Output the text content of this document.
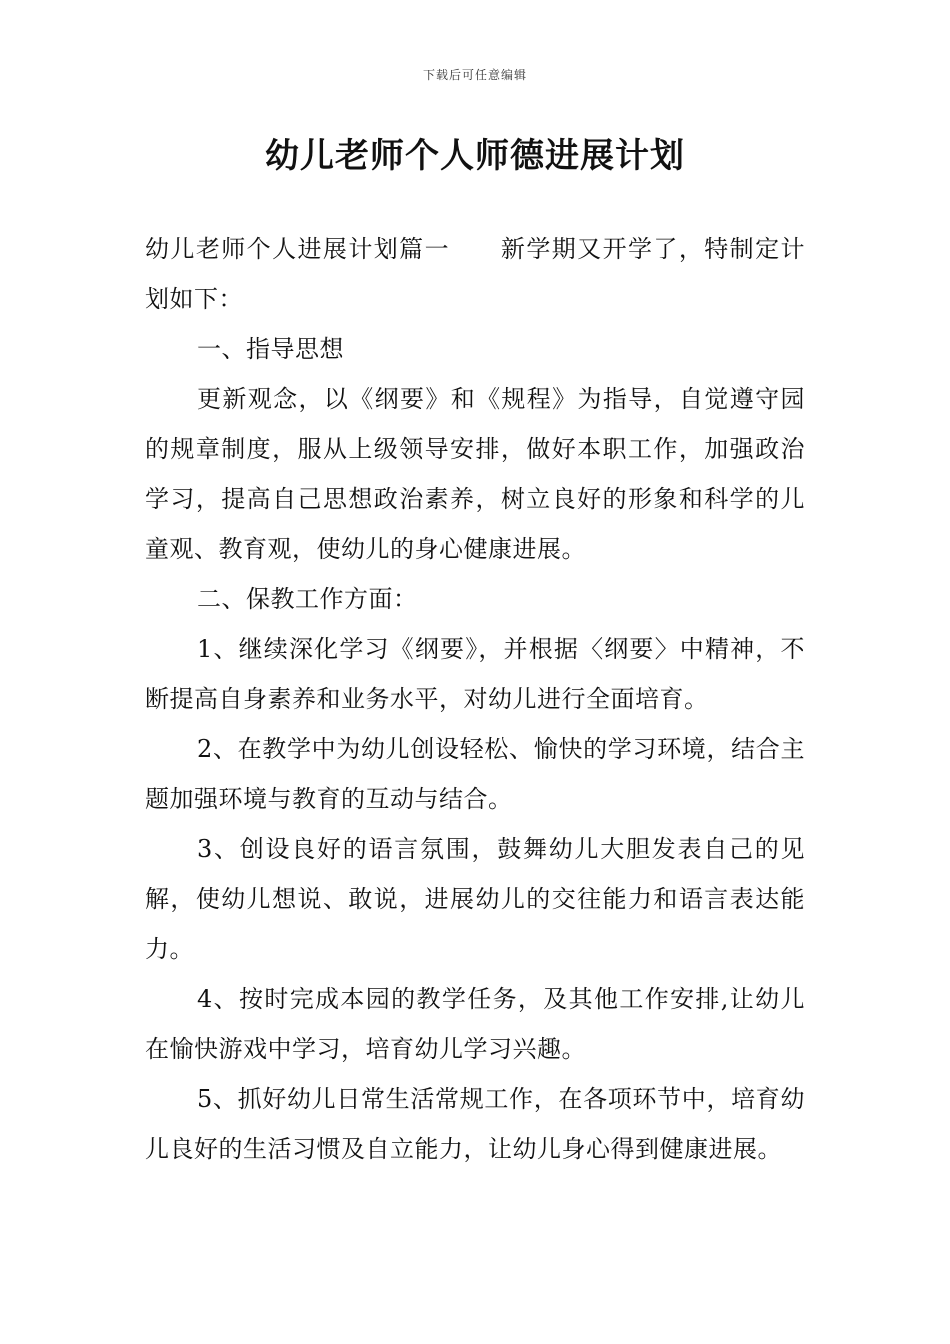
下载后可任意编辑
幼儿老师个人师德进展计划

幼儿老师个人进展计划篇一 新学期又开学了，特制定计划如下：

一、指导思想

更新观念，以《纲要》和《规程》为指导，自觉遵守园的规章制度，服从上级领导安排，做好本职工作，加强政治学习，提高自己思想政治素养，树立良好的形象和科学的儿童观、教育观，使幼儿的身心健康进展。

二、保教工作方面：

1、继续深化学习《纲要》，并根据〈纲要〉中精神，不断提高自身素养和业务水平，对幼儿进行全面培育。

2、在教学中为幼儿创设轻松、愉快的学习环境，结合主题加强环境与教育的互动与结合。

3、创设良好的语言氛围，鼓舞幼儿大胆发表自己的见解，使幼儿想说、敢说，进展幼儿的交往能力和语言表达能力。

4、按时完成本园的教学任务，及其他工作安排,让幼儿在愉快游戏中学习，培育幼儿学习兴趣。

5、抓好幼儿日常生活常规工作，在各项环节中，培育幼儿良好的生活习惯及自立能力，让幼儿身心得到健康进展。
